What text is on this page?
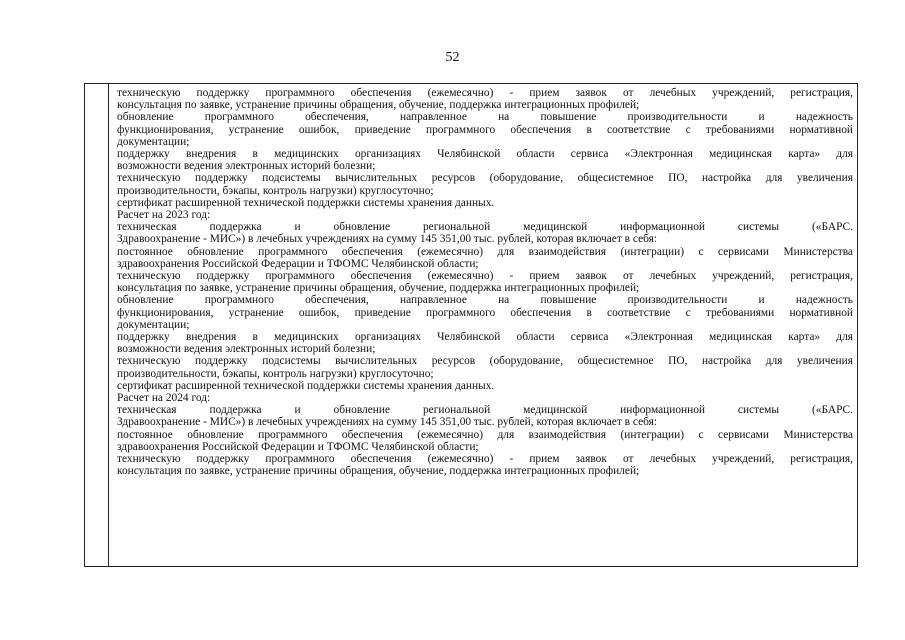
52
техническую поддержку программного обеспечения (ежемесячно) - прием заявок от лечебных учреждений, регистрация,
консультация по заявке, устранение причины обращения, обучение, поддержка интеграционных профилей;
обновление программного обеспечения, направленное на повышение производительности и надежность
функционирования, устранение ошибок, приведение программного обеспечения в соответствие с требованиями нормативной
документации;
поддержку внедрения в медицинских организациях Челябинской области сервиса «Электронная медицинская карта» для
возможности ведения электронных историй болезни;
техническую поддержку подсистемы вычислительных ресурсов (оборудование, общесистемное ПО, настройка для увеличения
производительности, бэкапы, контроль нагрузки) круглосуточно;
сертификат расширенной технической поддержки системы хранения данных.
Расчет на 2023 год:
техническая поддержка и обновление региональной медицинской информационной системы («БАРС.
Здравоохранение - МИС») в лечебных учреждениях на сумму 145 351,00 тыс. рублей, которая включает в себя:
постоянное обновление программного обеспечения (ежемесячно) для взаимодействия (интеграции) с сервисами Министерства
здравоохранения Российской Федерации и ТФОМС Челябинской области;
техническую поддержку программного обеспечения (ежемесячно) - прием заявок от лечебных учреждений, регистрация,
консультация по заявке, устранение причины обращения, обучение, поддержка интеграционных профилей;
обновление программного обеспечения, направленное на повышение производительности и надежность
функционирования, устранение ошибок, приведение программного обеспечения в соответствие с требованиями нормативной
документации;
поддержку внедрения в медицинских организациях Челябинской области сервиса «Электронная медицинская карта» для
возможности ведения электронных историй болезни;
техническую поддержку подсистемы вычислительных ресурсов (оборудование, общесистемное ПО, настройка для увеличения
производительности, бэкапы, контроль нагрузки) круглосуточно;
сертификат расширенной технической поддержки системы хранения данных.
Расчет на 2024 год:
техническая поддержка и обновление региональной медицинской информационной системы («БАРС.
Здравоохранение - МИС») в лечебных учреждениях на сумму 145 351,00 тыс. рублей, которая включает в себя:
постоянное обновление программного обеспечения (ежемесячно) для взаимодействия (интеграции) с сервисами Министерства
здравоохранения Российской Федерации и ТФОМС Челябинской области;
техническую поддержку программного обеспечения (ежемесячно) - прием заявок от лечебных учреждений, регистрация,
консультация по заявке, устранение причины обращения, обучение, поддержка интеграционных профилей;
